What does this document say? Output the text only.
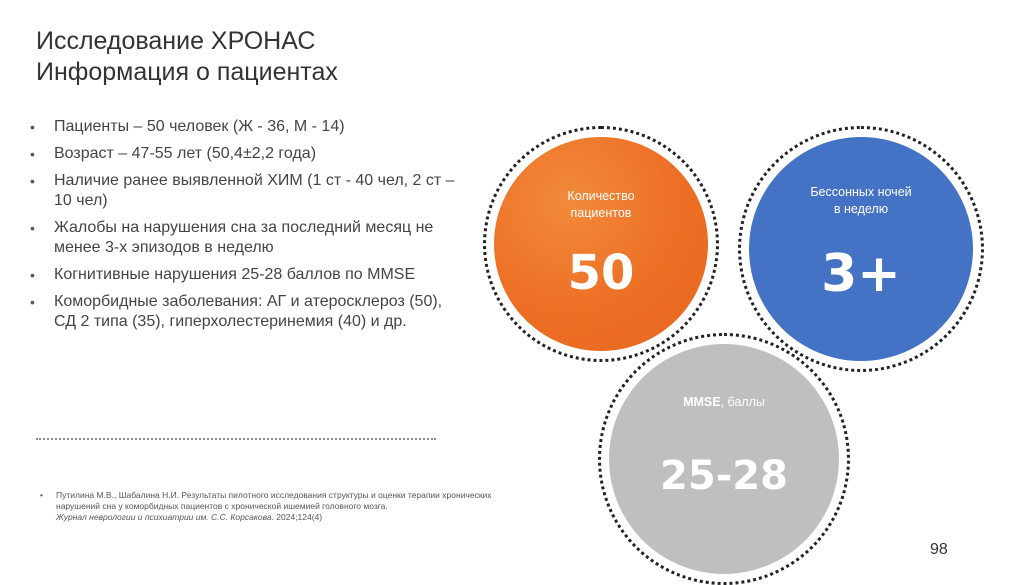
Исследование ХРОНАС
Информация о пациентах
• Пациенты – 50 человек (Ж - 36, М - 14)
• Возраст – 47-55 лет (50,4±2,2 года)
• Наличие ранее выявленной ХИМ (1 ст - 40 чел, 2 ст – 10 чел)
• Жалобы на нарушения сна за последний месяц не менее 3-х эпизодов в неделю
• Когнитивные нарушения 25-28 баллов по MMSE
• Коморбидные заболевания: АГ и атеросклероз (50), СД 2 типа (35), гиперхолестеринемия (40) и др.
•	Путилина М.В., Шабалина Н.И. Результаты пилотного исследования структуры и оценки терапии хронических нарушений сна у коморбидных пациентов с хронической ишемией головного мозга.
Журнал неврологии и психиатрии им. С.С. Корсакова. 2024;124(4)
Количество
пациентов
50
Бессонных ночей
в неделю
3+
MMSE, баллы
25-28
98
